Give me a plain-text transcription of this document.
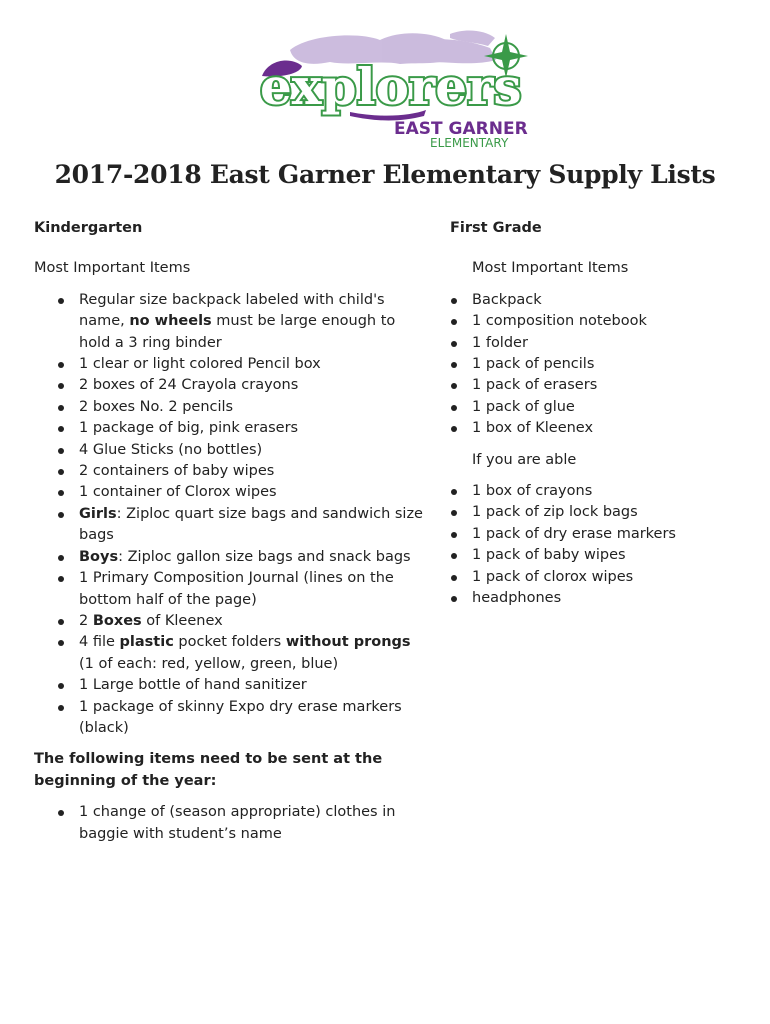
explorers
EAST GARNER
ELEMENTARY
2017-2018 East Garner Elementary Supply Lists
Kindergarten
Most Important Items
Regular size backpack labeled with child's name, no wheels must be large enough to hold a 3 ring binder
1 clear or light colored Pencil box
2 boxes of 24 Crayola crayons
2 boxes No. 2 pencils
1 package of big, pink erasers
4 Glue Sticks (no bottles)
2 containers of baby wipes
1 container of Clorox wipes
Girls: Ziploc quart size bags and sandwich size bags
Boys: Ziploc gallon size bags and snack bags
1 Primary Composition Journal (lines on the bottom half of the page)
2 Boxes of Kleenex
4 file plastic pocket folders without prongs (1 of each: red, yellow, green, blue)
1 Large bottle of hand sanitizer
1 package of skinny Expo dry erase markers (black)
The following items need to be sent at the beginning of the year:
1 change of (season appropriate) clothes in baggie with student’s name
First Grade
Most Important Items
Backpack
1 composition notebook
1 folder
1 pack of pencils
1 pack of erasers
1 pack of glue
1 box of Kleenex
If you are able
1 box of crayons
1 pack of zip lock bags
1 pack of dry erase markers
1 pack of baby wipes
1 pack of clorox wipes
headphones
